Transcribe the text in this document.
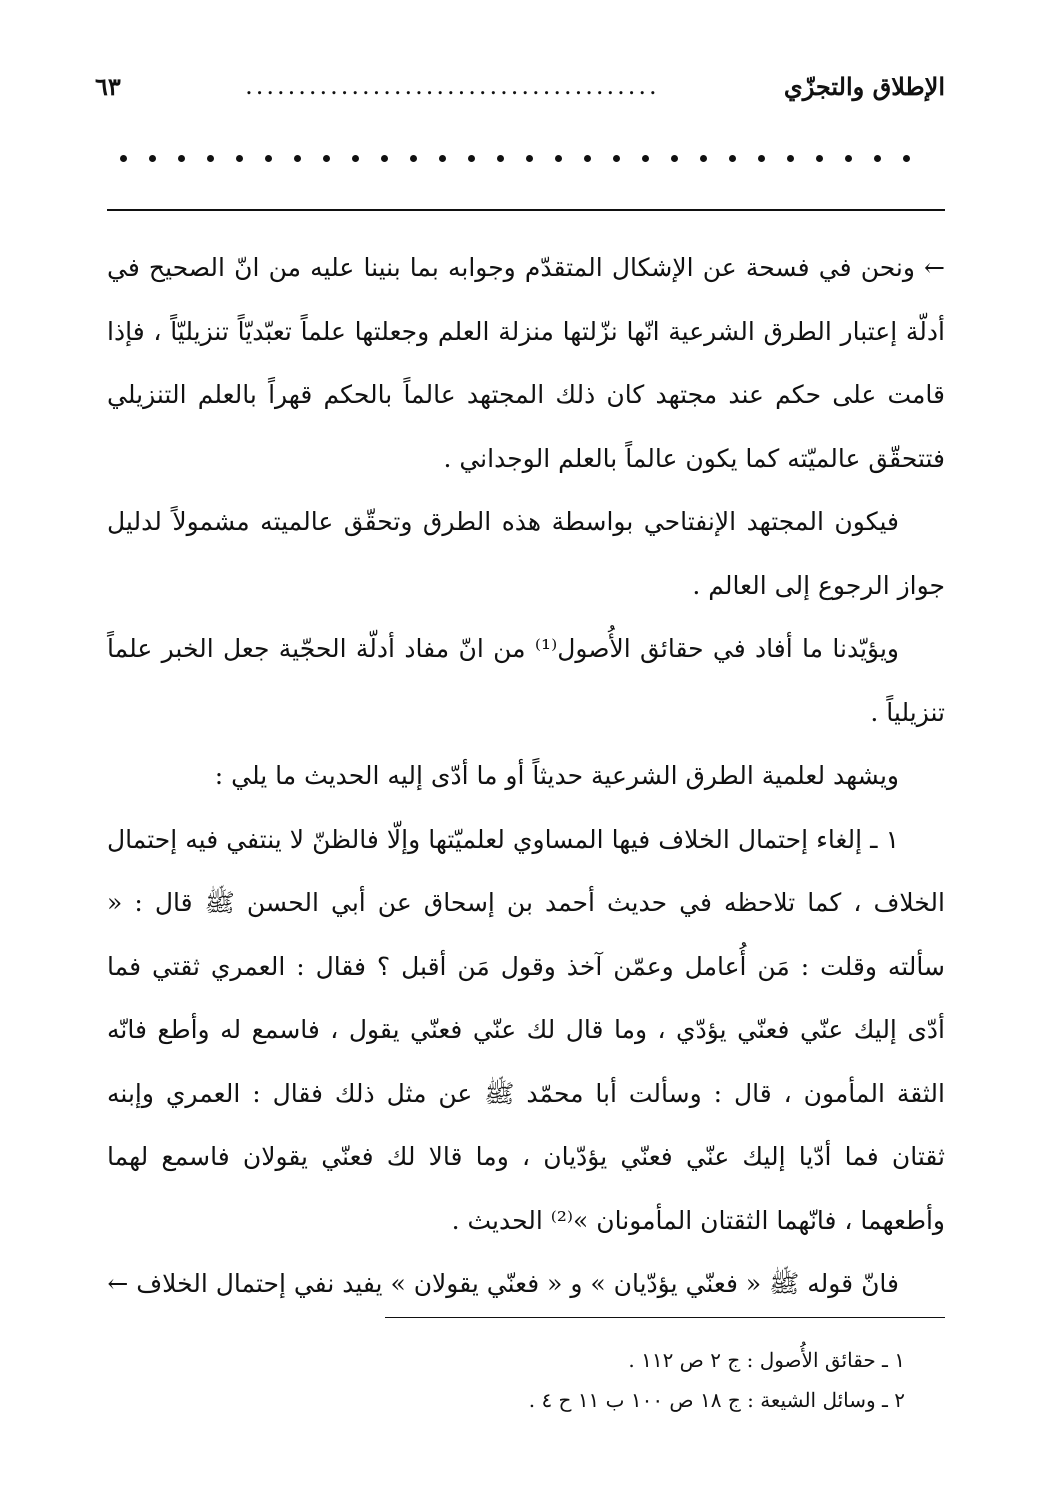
الإطلاق والتجزّي
.......................................
٦٣

← ونحن في فسحة عن الإشكال المتقدّم وجوابه بما بنينا عليه من انّ الصحيح في أدلّة إعتبار الطرق الشرعية انّها نزّلتها منزلة العلم وجعلتها علماً تعبّديّاً تنزيليّاً ، فإذا قامت على حكم عند مجتهد كان ذلك المجتهد عالماً بالحكم قهراً بالعلم التنزيلي فتتحقّق عالميّته كما يكون عالماً بالعلم الوجداني .

فيكون المجتهد الإنفتاحي بواسطة هذه الطرق وتحقّق عالميته مشمولاً لدليل جواز الرجوع إلى العالم .

ويؤيّدنا ما أفاد في حقائق الأُصول⁽¹⁾ من انّ مفاد أدلّة الحجّية جعل الخبر علماً تنزيلياً .

ويشهد لعلمية الطرق الشرعية حديثاً أو ما أدّى إليه الحديث ما يلي :

١ ـ إلغاء إحتمال الخلاف فيها المساوي لعلميّتها وإلّا فالظنّ لا ينتفي فيه إحتمال الخلاف ، كما تلاحظه في حديث أحمد بن إسحاق عن أبي الحسن ﷺ قال : « سألته وقلت : مَن أُعامل وعمّن آخذ وقول مَن أقبل ؟ فقال : العمري ثقتي فما أدّى إليك عنّي فعنّي يؤدّي ، وما قال لك عنّي فعنّي يقول ، فاسمع له وأطع فانّه الثقة المأمون ، قال : وسألت أبا محمّد ﷺ عن مثل ذلك فقال : العمري وإبنه ثقتان فما أدّيا إليك عنّي فعنّي يؤدّيان ، وما قالا لك فعنّي يقولان فاسمع لهما وأطعهما ، فانّهما الثقتان المأمونان »⁽²⁾ الحديث .

فانّ قوله ﷺ « فعنّي يؤدّيان » و « فعنّي يقولان » يفيد نفي إحتمال الخلاف ←

١ ـ حقائق الأُصول : ج ٢ ص ١١٢ .

٢ ـ وسائل الشيعة : ج ١٨ ص ١٠٠ ب ١١ ح ٤ .
